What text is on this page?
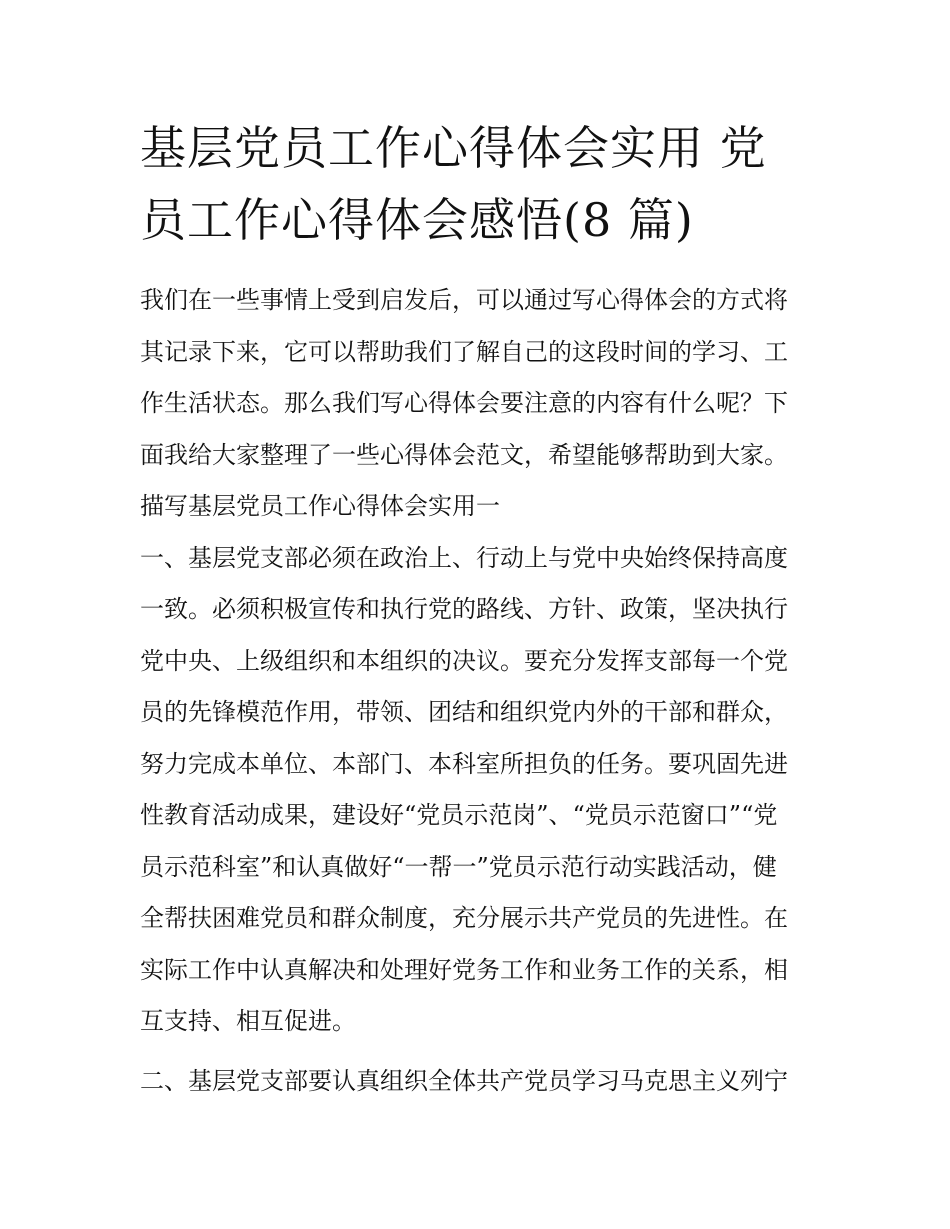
基层党员工作心得体会实用 党
员工作心得体会感悟(8 篇)
我们在一些事情上受到启发后，可以通过写心得体会的方式将
其记录下来，它可以帮助我们了解自己的这段时间的学习、工
作生活状态。那么我们写心得体会要注意的内容有什么呢？下
面我给大家整理了一些心得体会范文，希望能够帮助到大家。
描写基层党员工作心得体会实用一
一、基层党支部必须在政治上、行动上与党中央始终保持高度
一致。必须积极宣传和执行党的路线、方针、政策，坚决执行
党中央、上级组织和本组织的决议。要充分发挥支部每一个党
员的先锋模范作用，带领、团结和组织党内外的干部和群众，
努力完成本单位、本部门、本科室所担负的任务。要巩固先进
性教育活动成果，建设好“党员示范岗”、“党员示范窗口”“党
员示范科室”和认真做好“一帮一”党员示范行动实践活动，健
全帮扶困难党员和群众制度，充分展示共产党员的先进性。在
实际工作中认真解决和处理好党务工作和业务工作的关系，相
互支持、相互促进。
二、基层党支部要认真组织全体共产党员学习马克思主义列宁
